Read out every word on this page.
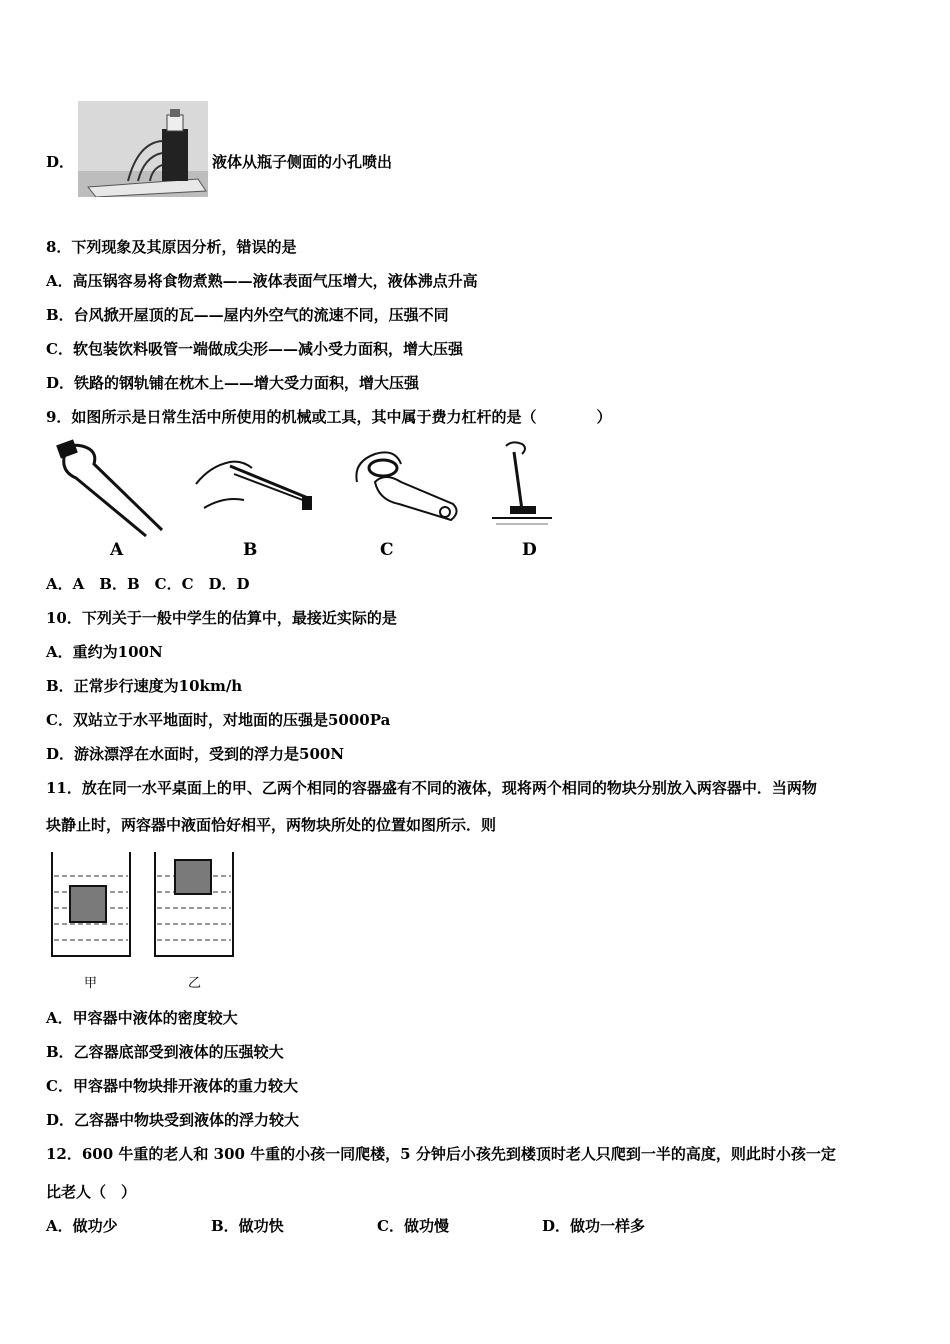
D．	液体从瓶子侧面的小孔喷出
8．下列现象及其原因分析，错误的是
A．高压锅容易将食物煮熟——液体表面气压增大，液体沸点升高
B．台风掀开屋顶的瓦——屋内外空气的流速不同，压强不同
C．软包装饮料吸管一端做成尖形——减小受力面积，增大压强
D．铁路的钢轨铺在枕木上——增大受力面积，增大压强
9．如图所示是日常生活中所使用的机械或工具，其中属于费力杠杆的是（　　　　）
A	B	C	D
A．A　B．B　C．C　D．D
10．下列关于一般中学生的估算中，最接近实际的是
A．重约为100N
B．正常步行速度为10km/h
C．双站立于水平地面时，对地面的压强是5000Pa
D．游泳漂浮在水面时，受到的浮力是500N
11．放在同一水平桌面上的甲、乙两个相同的容器盛有不同的液体，现将两个相同的物块分别放入两容器中．当两物
块静止时，两容器中液面恰好相平，两物块所处的位置如图所示．则
甲	乙
A．甲容器中液体的密度较大
B．乙容器底部受到液体的压强较大
C．甲容器中物块排开液体的重力较大
D．乙容器中物块受到液体的浮力较大
12．600 牛重的老人和 300 牛重的小孩一同爬楼，5 分钟后小孩先到楼顶时老人只爬到一半的高度，则此时小孩一定
比老人（　）
A．做功少	B．做功快	C．做功慢	D．做功一样多
